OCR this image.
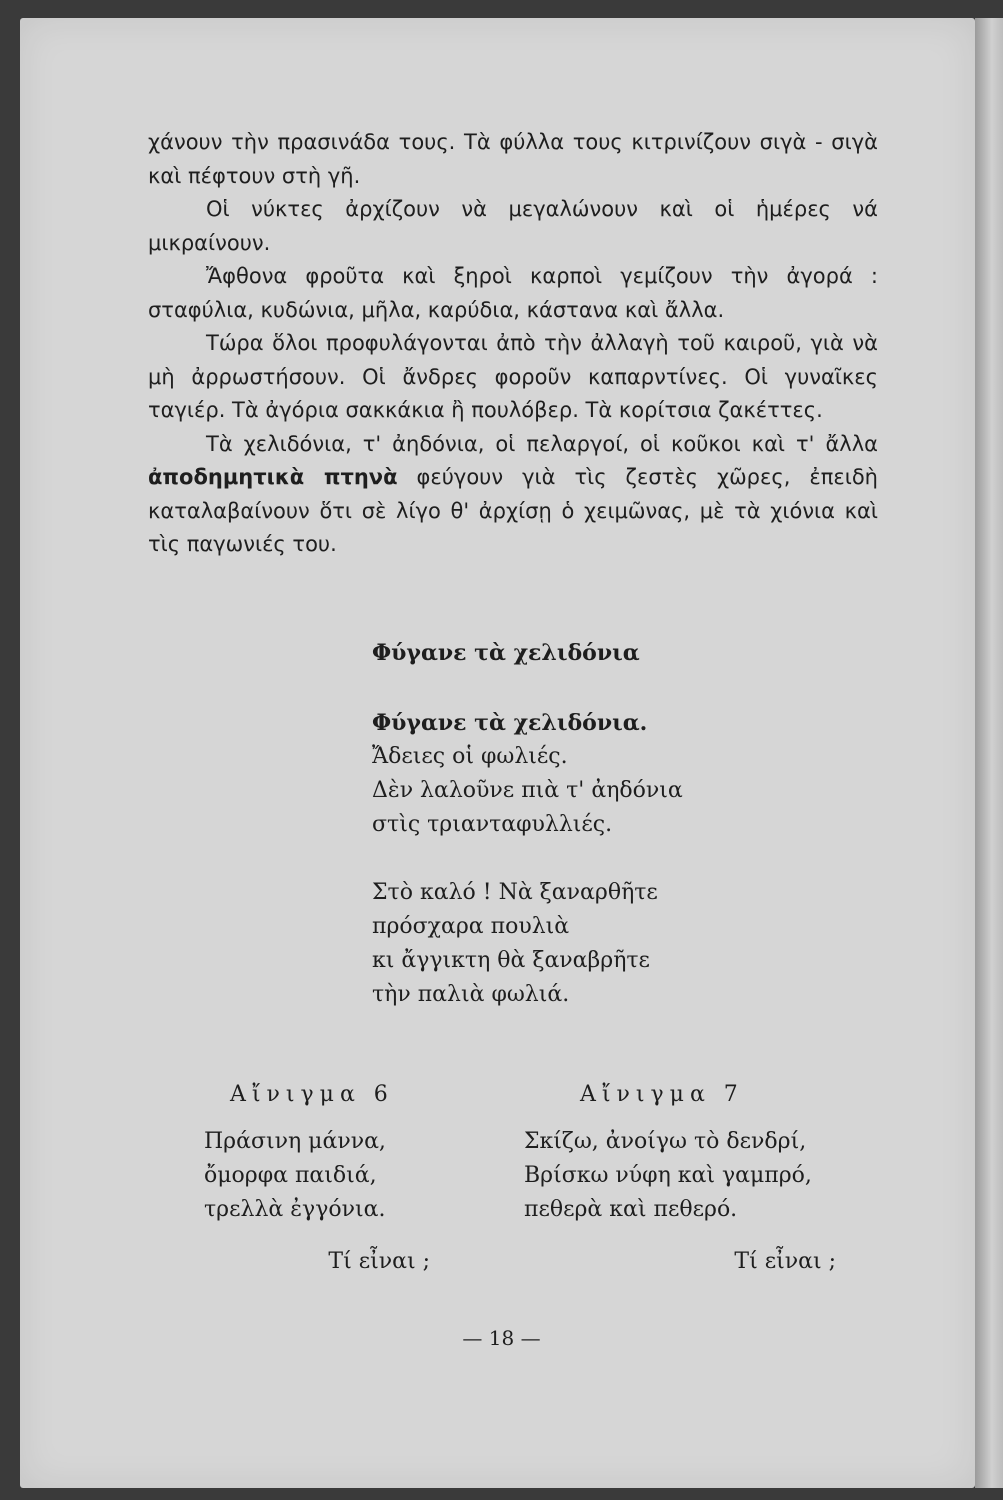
χάνουν τὴν πρασινάδα τους. Τὰ φύλλα τους κιτρινίζουν σιγὰ - σιγὰ καὶ πέφτουν στὴ γῆ.

Οἱ νύκτες ἀρχίζουν νὰ μεγαλώνουν καὶ οἱ ἡμέρες νά μικραίνουν.

Ἄφθονα φροῦτα καὶ ξηροὶ καρποὶ γεμίζουν τὴν ἀγορά : σταφύλια, κυδώνια, μῆλα, καρύδια, κάστανα καὶ ἄλλα.

Τώρα ὅλοι προφυλάγονται ἀπὸ τὴν ἀλλαγὴ τοῦ καιροῦ, γιὰ νὰ μὴ ἀρρωστήσουν. Οἱ ἄνδρες φοροῦν καπαρντίνες. Οἱ γυναῖκες ταγιέρ. Τὰ ἀγόρια σακκάκια ἢ πουλόβερ. Τὰ κορίτσια ζακέττες.

Τὰ χελιδόνια, τ' ἀηδόνια, οἱ πελαργοί, οἱ κοῦκοι καὶ τ' ἄλλα ἀποδημητικὰ πτηνὰ φεύγουν γιὰ τὶς ζεστὲς χῶρες, ἐπειδὴ καταλαβαίνουν ὅτι σὲ λίγο θ' ἀρχίσῃ ὁ χειμῶνας, μὲ τὰ χιόνια καὶ τὶς παγωνιές του.

Φύγανε τὰ χελιδόνια
Φύγανε τὰ χελιδόνια.
Ἄδειες οἱ φωλιές.
Δὲν λαλοῦνε πιὰ τ' ἀηδόνια
στὶς τριανταφυλλιές.
Στὸ καλό ! Νὰ ξαναρθῆτε
πρόσχαρα πουλιὰ
κι ἄγγικτη θὰ ξαναβρῆτε
τὴν παλιὰ φωλιά.
Αἴνιγμα 6
Πράσινη μάννα,
ὄμορφα παιδιά,
τρελλὰ ἐγγόνια.
Τί εἶναι ;
Αἴνιγμα 7
Σκίζω, ἀνοίγω τὸ δενδρί,
Βρίσκω νύφη καὶ γαμπρό,
πεθερὰ καὶ πεθερό.
Τί εἶναι ;
— 18 —
